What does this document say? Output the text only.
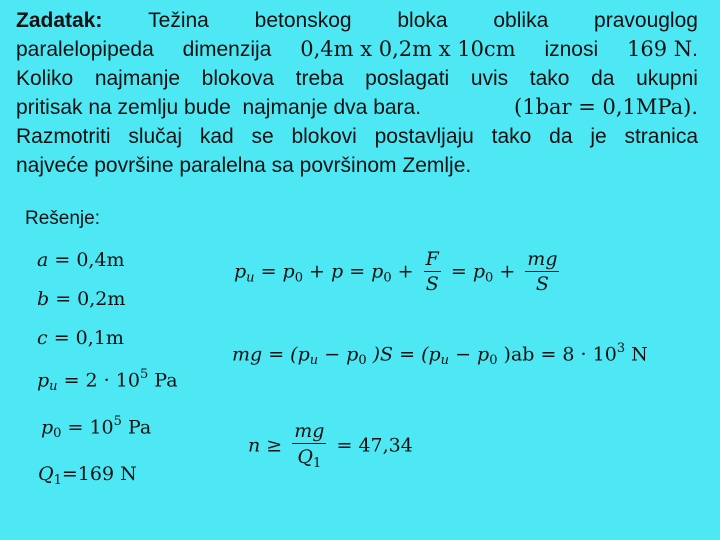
Zadatak: Težina betonskog bloka oblika pravouglog
paralelopipeda dimenzija 0,4m x 0,2m x 10cm iznosi 169 N.
Koliko najmanje blokova treba poslagati uvis tako da ukupni
pritisak na zemlju bude  najmanje dva bara.	(1bar = 0,1MPa).
Razmotriti slučaj kad se blokovi postavljaju tako da je stranica
najveće površine paralelna sa površinom Zemlje.
Rešenje:
a = 0,4m
b = 0,2m
c = 0,1m
$p_u = 2 \cdot 10^5$ Pa
$p_0 = 10^5$ Pa
$Q_1=169$ N
$p_u = p_0 + p = p_0 + \frac{F}{S} = p_0 + \frac{mg}{S}$
mg = ($p_u - p_0$ )$S = (p_u - p_0$ )$ab = 8 \cdot 10^3$ N
$n \ge \frac{mg}{Q_1} = 47,34$
